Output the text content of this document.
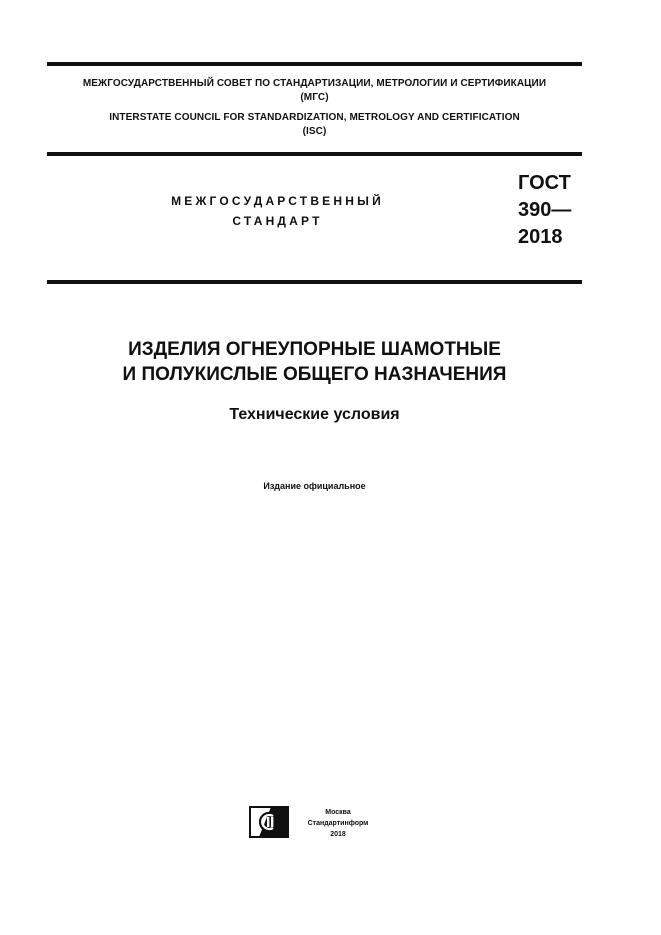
МЕЖГОСУДАРСТВЕННЫЙ СОВЕТ ПО СТАНДАРТИЗАЦИИ, МЕТРОЛОГИИ И СЕРТИФИКАЦИИ
(МГС)
INTERSTATE COUNCIL FOR STANDARDIZATION, METROLOGY AND CERTIFICATION
(ISC)
МЕЖГОСУДАРСТВЕННЫЙ
СТАНДАРТ
ГОСТ
390—
2018
ИЗДЕЛИЯ ОГНЕУПОРНЫЕ ШАМОТНЫЕ
И ПОЛУКИСЛЫЕ ОБЩЕГО НАЗНАЧЕНИЯ
Технические условия
Издание официальное
Москва
Стандартинформ
2018
